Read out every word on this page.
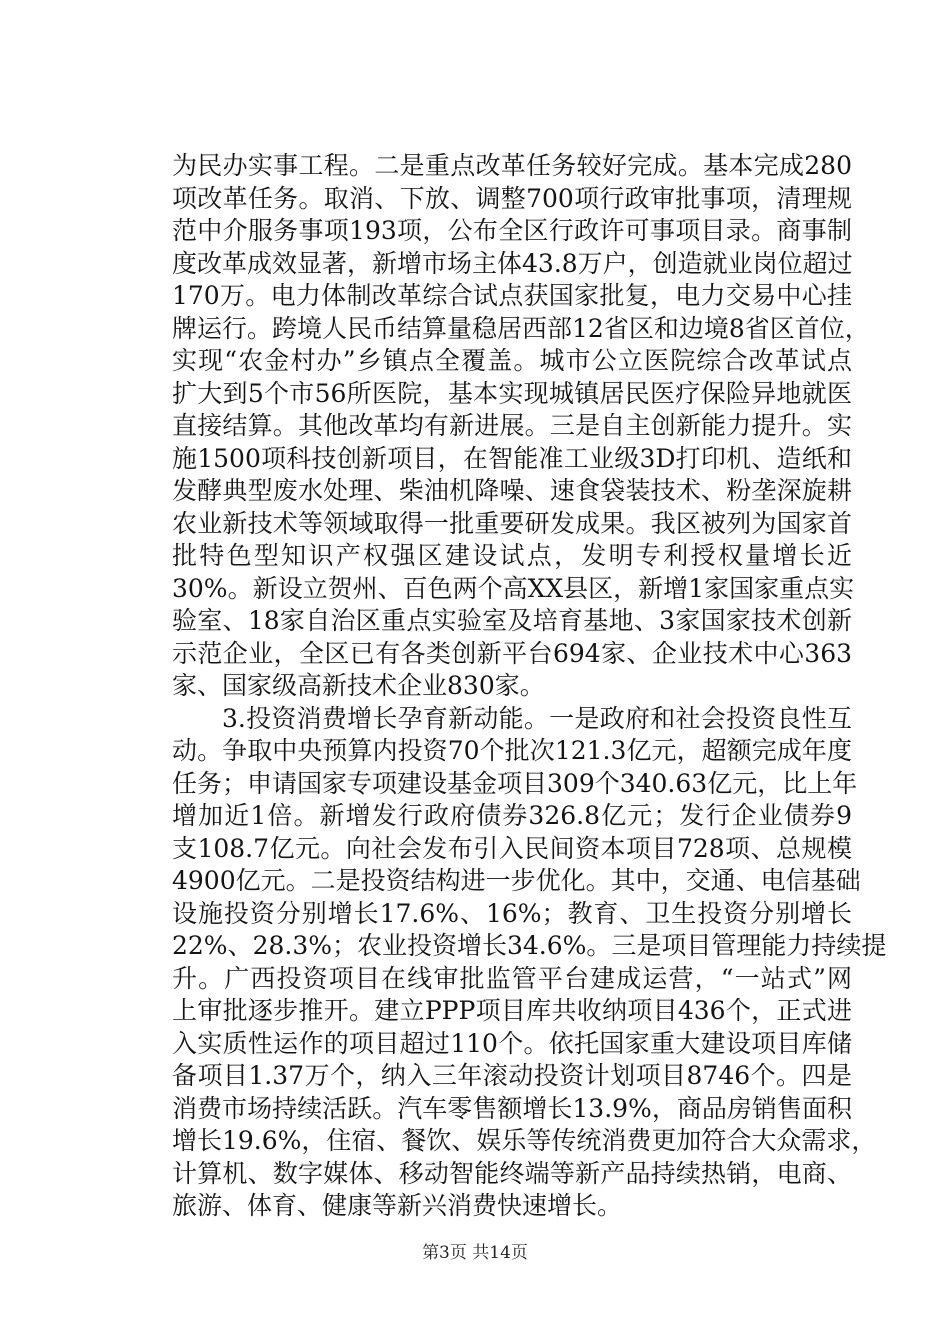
为民办实事工程。二是重点改革任务较好完成。基本完成280
项改革任务。取消、下放、调整700项行政审批事项，清理规
范中介服务事项193项，公布全区行政许可事项目录。商事制
度改革成效显著，新增市场主体43.8万户，创造就业岗位超过
170万。电力体制改革综合试点获国家批复，电力交易中心挂
牌运行。跨境人民币结算量稳居西部12省区和边境8省区首位，
实现“农金村办”乡镇点全覆盖。城市公立医院综合改革试点
扩大到5个市56所医院，基本实现城镇居民医疗保险异地就医
直接结算。其他改革均有新进展。三是自主创新能力提升。实
施1500项科技创新项目，在智能准工业级3D打印机、造纸和
发酵典型废水处理、柴油机降噪、速食袋装技术、粉垄深旋耕
农业新技术等领域取得一批重要研发成果。我区被列为国家首
批特色型知识产权强区建设试点，发明专利授权量增长近
30%。新设立贺州、百色两个高XX县区，新增1家国家重点实
验室、18家自治区重点实验室及培育基地、3家国家技术创新
示范企业，全区已有各类创新平台694家、企业技术中心363
家、国家级高新技术企业830家。
3.投资消费增长孕育新动能。一是政府和社会投资良性互
动。争取中央预算内投资70个批次121.3亿元，超额完成年度
任务；申请国家专项建设基金项目309个340.63亿元，比上年
增加近1倍。新增发行政府债券326.8亿元；发行企业债券9
支108.7亿元。向社会发布引入民间资本项目728项、总规模
4900亿元。二是投资结构进一步优化。其中，交通、电信基础
设施投资分别增长17.6%、16%；教育、卫生投资分别增长
22%、28.3%；农业投资增长34.6%。三是项目管理能力持续提
升。广西投资项目在线审批监管平台建成运营，“一站式”网
上审批逐步推开。建立PPP项目库共收纳项目436个，正式进
入实质性运作的项目超过110个。依托国家重大建设项目库储
备项目1.37万个，纳入三年滚动投资计划项目8746个。四是
消费市场持续活跃。汽车零售额增长13.9%，商品房销售面积
增长19.6%，住宿、餐饮、娱乐等传统消费更加符合大众需求，
计算机、数字媒体、移动智能终端等新产品持续热销，电商、
旅游、体育、健康等新兴消费快速增长。
第3页 共14页
